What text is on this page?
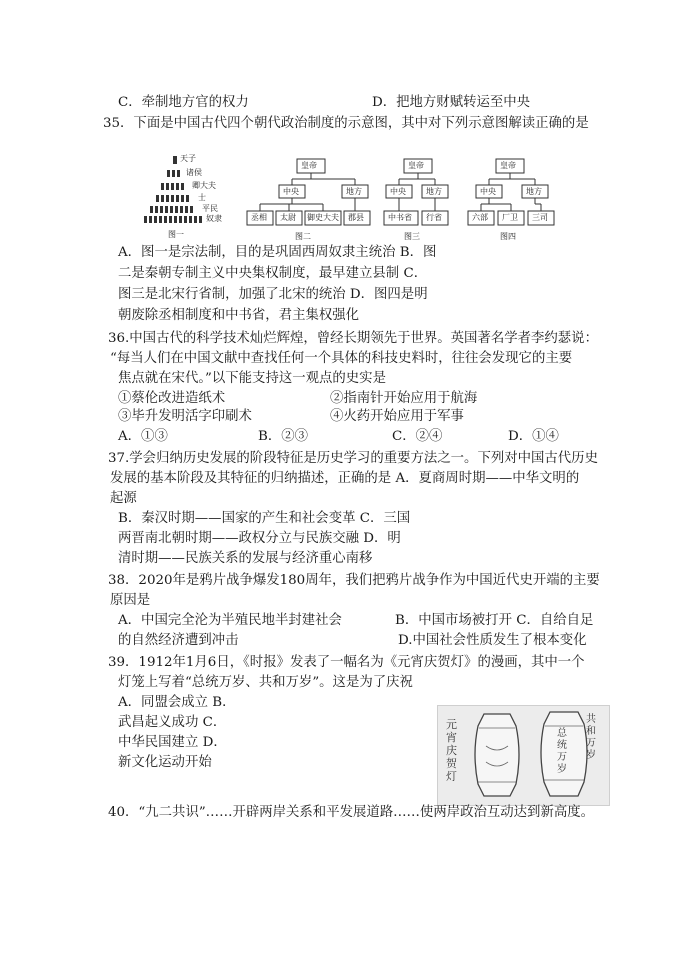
C．牵制地方官的权力	D．把地方财赋转运至中央
35．下面是中国古代四个朝代政治制度的示意图，其中对下列示意图解读正确的是
天子
诸侯
卿大夫
士
平民
奴隶
图一
皇帝
中央	地方
丞相 太尉 御史大夫 郡县
图二
皇帝
中央	地方
中书省 行省
图三
皇帝
中央	地方
六部 厂卫 三司
图四
A．图一是宗法制，目的是巩固西周奴隶主统治 B．图
二是秦朝专制主义中央集权制度，最早建立县制 C．
图三是北宋行省制，加强了北宋的统治 D．图四是明
朝废除丞相制度和中书省，君主集权强化
36.中国古代的科学技术灿烂辉煌，曾经长期领先于世界。英国著名学者李约瑟说：
“每当人们在中国文献中查找任何一个具体的科技史料时，往往会发现它的主要
焦点就在宋代。”以下能支持这一观点的史实是
①蔡伦改进造纸术	②指南针开始应用于航海
③毕升发明活字印刷术	④火药开始应用于军事
A．①③	B．②③	C．②④	D．①④
37.学会归纳历史发展的阶段特征是历史学习的重要方法之一。下列对中国古代历史
发展的基本阶段及其特征的归纳描述，正确的是 A．夏商周时期——中华文明的
起源
B．秦汉时期——国家的产生和社会变革 C．三国
两晋南北朝时期——政权分立与民族交融 D．明
清时期——民族关系的发展与经济重心南移
38．2020年是鸦片战争爆发180周年，我们把鸦片战争作为中国近代史开端的主要
原因是
A．中国完全沦为半殖民地半封建社会	B．中国市场被打开 C．自给自足
的自然经济遭到冲击	D.中国社会性质发生了根本变化
39．1912年1月6日，《时报》发表了一幅名为《元宵庆贺灯》的漫画，其中一个
灯笼上写着“总统万岁、共和万岁”。这是为了庆祝
A．同盟会成立 B．
武昌起义成功 C．
中华民国建立 D．
新文化运动开始
元宵庆贺灯
共和万岁
总统万岁
40．“九二共识”……开辟两岸关系和平发展道路……使两岸政治互动达到新高度。
